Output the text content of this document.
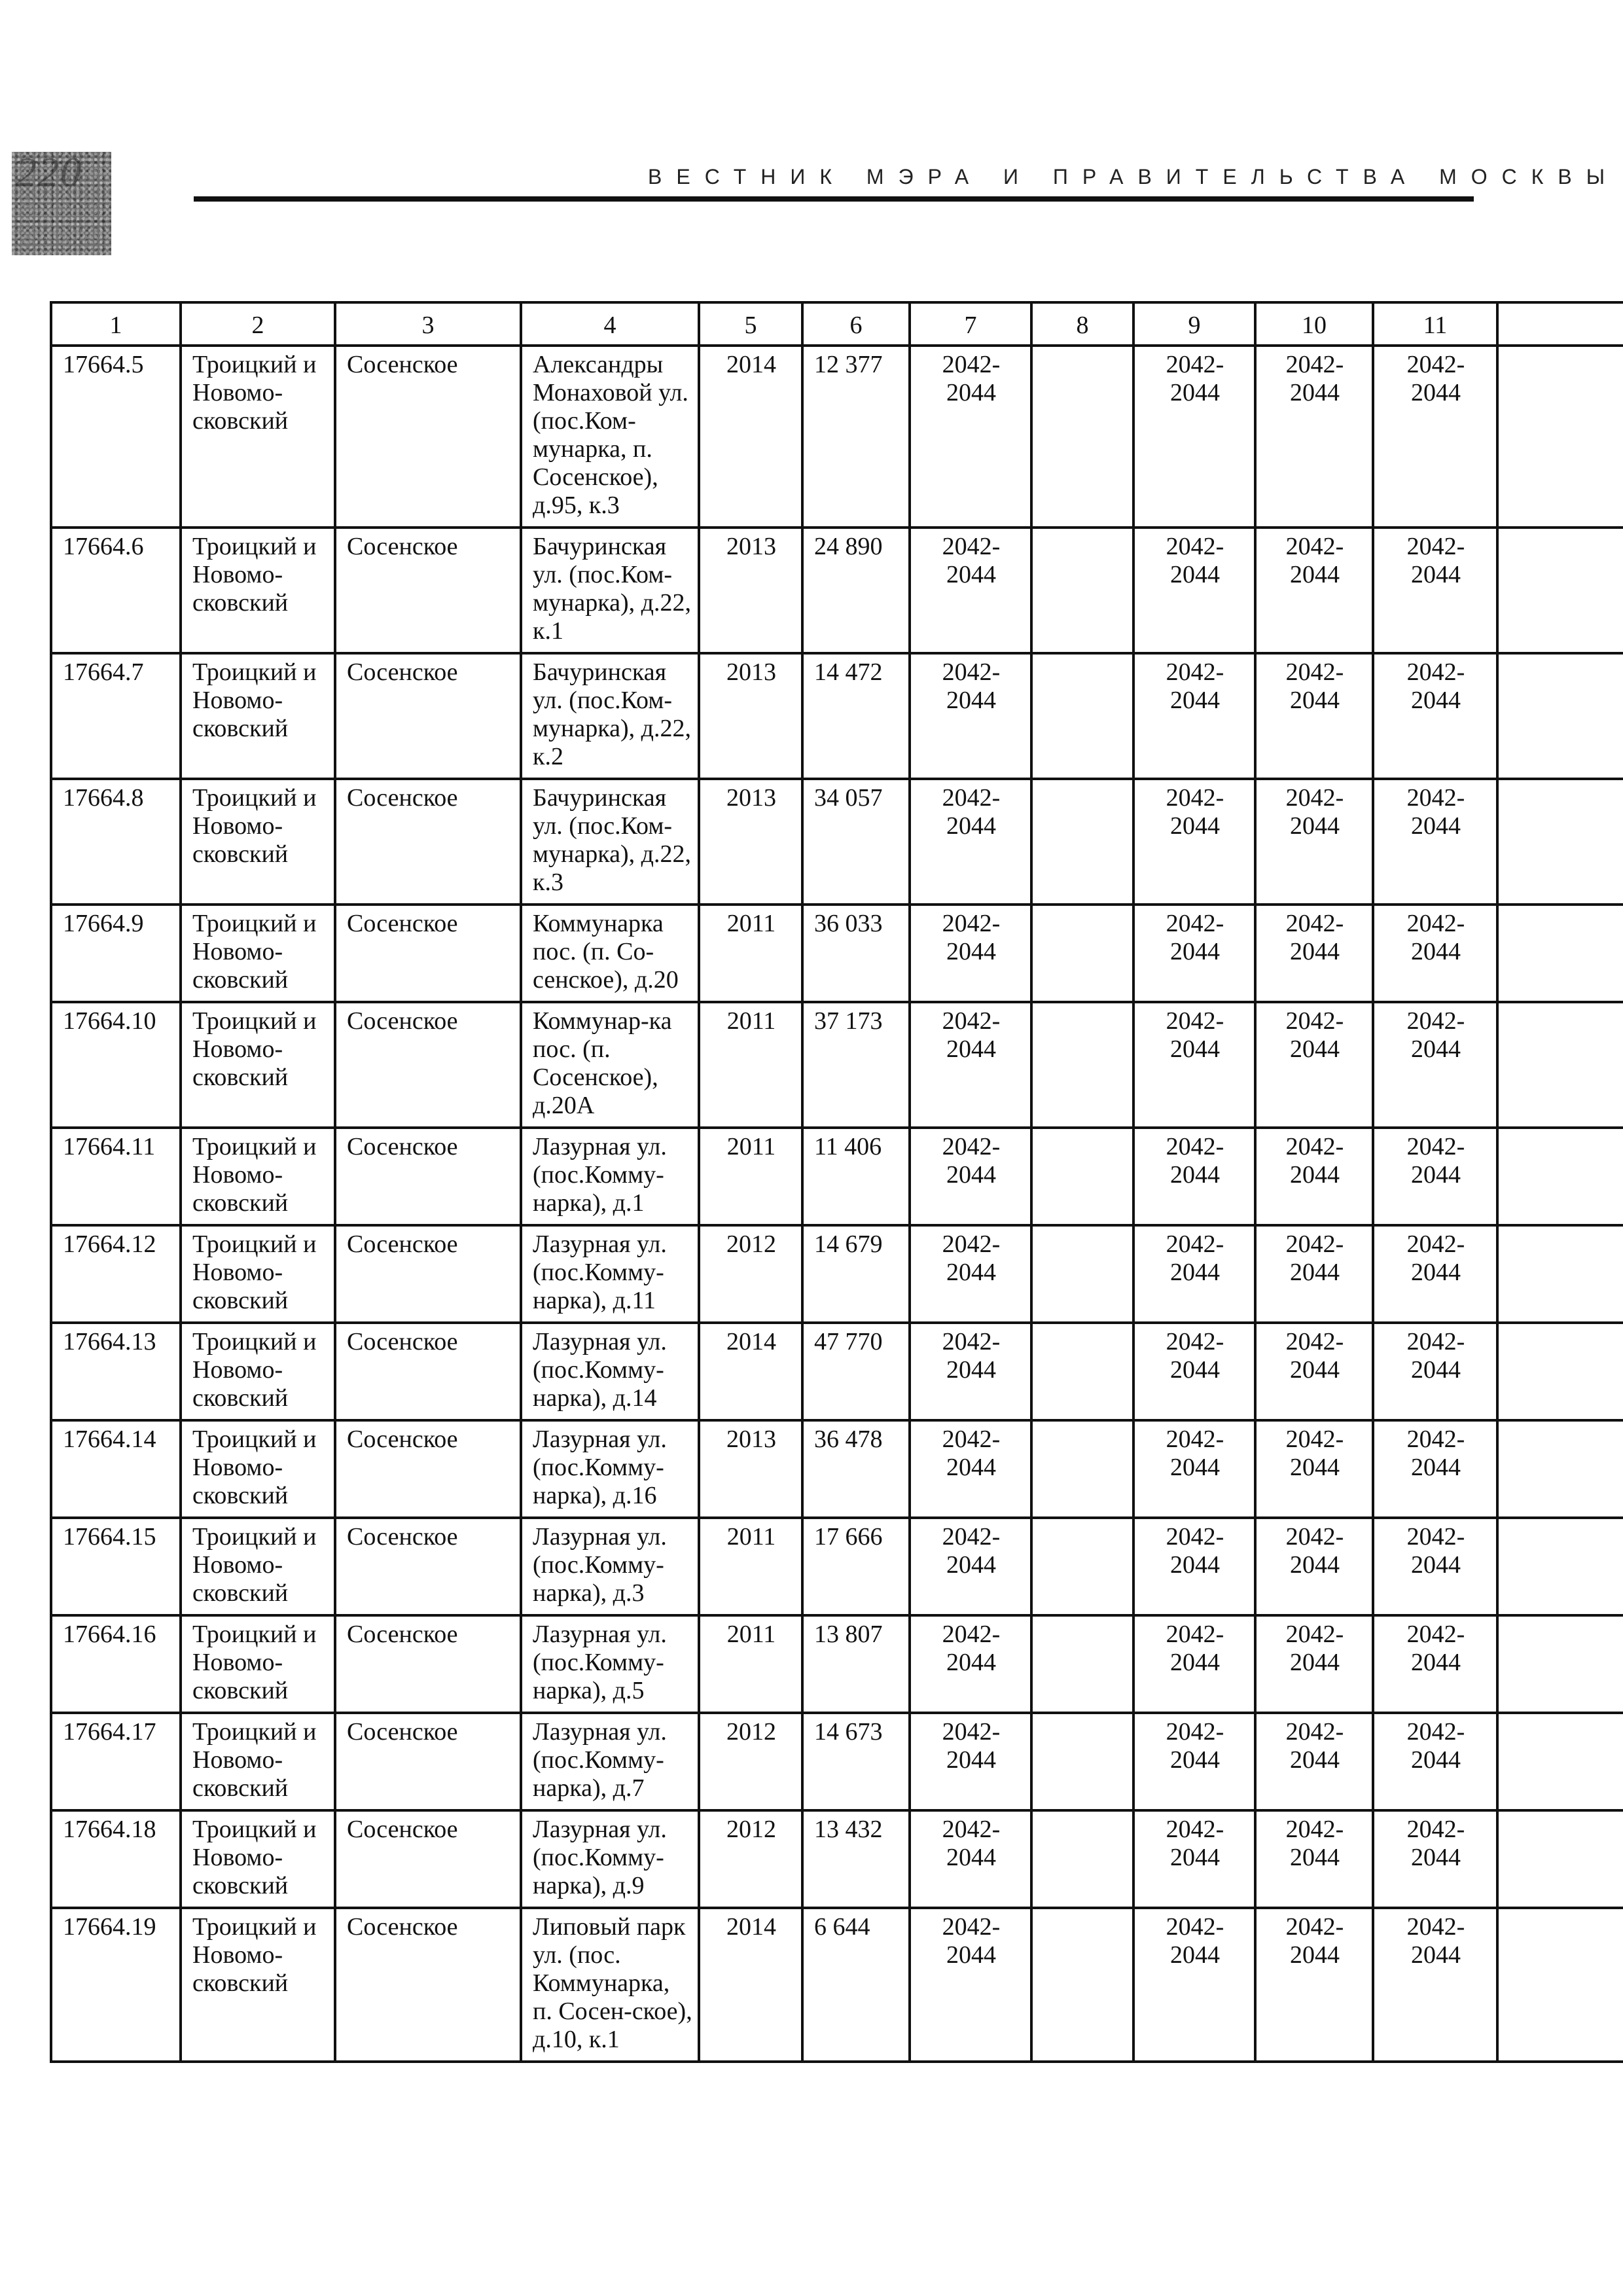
220	ВЕСТНИК МЭРА И ПРАВИТЕЛЬСТВА МОСКВЫ
1	2	3	4	5	6	7	8	9	10	11	
17664.5	Троицкий и Новомо-сковский	Сосенское	Александры Монаховой ул. (пос.Ком-мунарка, п. Сосенское), д.95, к.3	2014	12 377	2042-2044		2042-2044	2042-2044	2042-2044	
17664.6	Троицкий и Новомо-сковский	Сосенское	Бачуринская ул. (пос.Ком-мунарка), д.22, к.1	2013	24 890	2042-2044		2042-2044	2042-2044	2042-2044	
17664.7	Троицкий и Новомо-сковский	Сосенское	Бачуринская ул. (пос.Ком-мунарка), д.22, к.2	2013	14 472	2042-2044		2042-2044	2042-2044	2042-2044	
17664.8	Троицкий и Новомо-сковский	Сосенское	Бачуринская ул. (пос.Ком-мунарка), д.22, к.3	2013	34 057	2042-2044		2042-2044	2042-2044	2042-2044	
17664.9	Троицкий и Новомо-сковский	Сосенское	Коммунарка пос. (п. Со-сенское), д.20	2011	36 033	2042-2044		2042-2044	2042-2044	2042-2044	
17664.10	Троицкий и Новомо-сковский	Сосенское	Коммунар-ка пос. (п. Сосенское), д.20А	2011	37 173	2042-2044		2042-2044	2042-2044	2042-2044	
17664.11	Троицкий и Новомо-сковский	Сосенское	Лазурная ул. (пос.Комму-нарка), д.1	2011	11 406	2042-2044		2042-2044	2042-2044	2042-2044	
17664.12	Троицкий и Новомо-сковский	Сосенское	Лазурная ул. (пос.Комму-нарка), д.11	2012	14 679	2042-2044		2042-2044	2042-2044	2042-2044	
17664.13	Троицкий и Новомо-сковский	Сосенское	Лазурная ул. (пос.Комму-нарка), д.14	2014	47 770	2042-2044		2042-2044	2042-2044	2042-2044	
17664.14	Троицкий и Новомо-сковский	Сосенское	Лазурная ул. (пос.Комму-нарка), д.16	2013	36 478	2042-2044		2042-2044	2042-2044	2042-2044	
17664.15	Троицкий и Новомо-сковский	Сосенское	Лазурная ул. (пос.Комму-нарка), д.3	2011	17 666	2042-2044		2042-2044	2042-2044	2042-2044	
17664.16	Троицкий и Новомо-сковский	Сосенское	Лазурная ул. (пос.Комму-нарка), д.5	2011	13 807	2042-2044		2042-2044	2042-2044	2042-2044	
17664.17	Троицкий и Новомо-сковский	Сосенское	Лазурная ул. (пос.Комму-нарка), д.7	2012	14 673	2042-2044		2042-2044	2042-2044	2042-2044	
17664.18	Троицкий и Новомо-сковский	Сосенское	Лазурная ул. (пос.Комму-нарка), д.9	2012	13 432	2042-2044		2042-2044	2042-2044	2042-2044	
17664.19	Троицкий и Новомо-сковский	Сосенское	Липовый парк ул. (пос. Коммунарка, п. Сосен-ское), д.10, к.1	2014	6 644	2042-2044		2042-2044	2042-2044	2042-2044	
